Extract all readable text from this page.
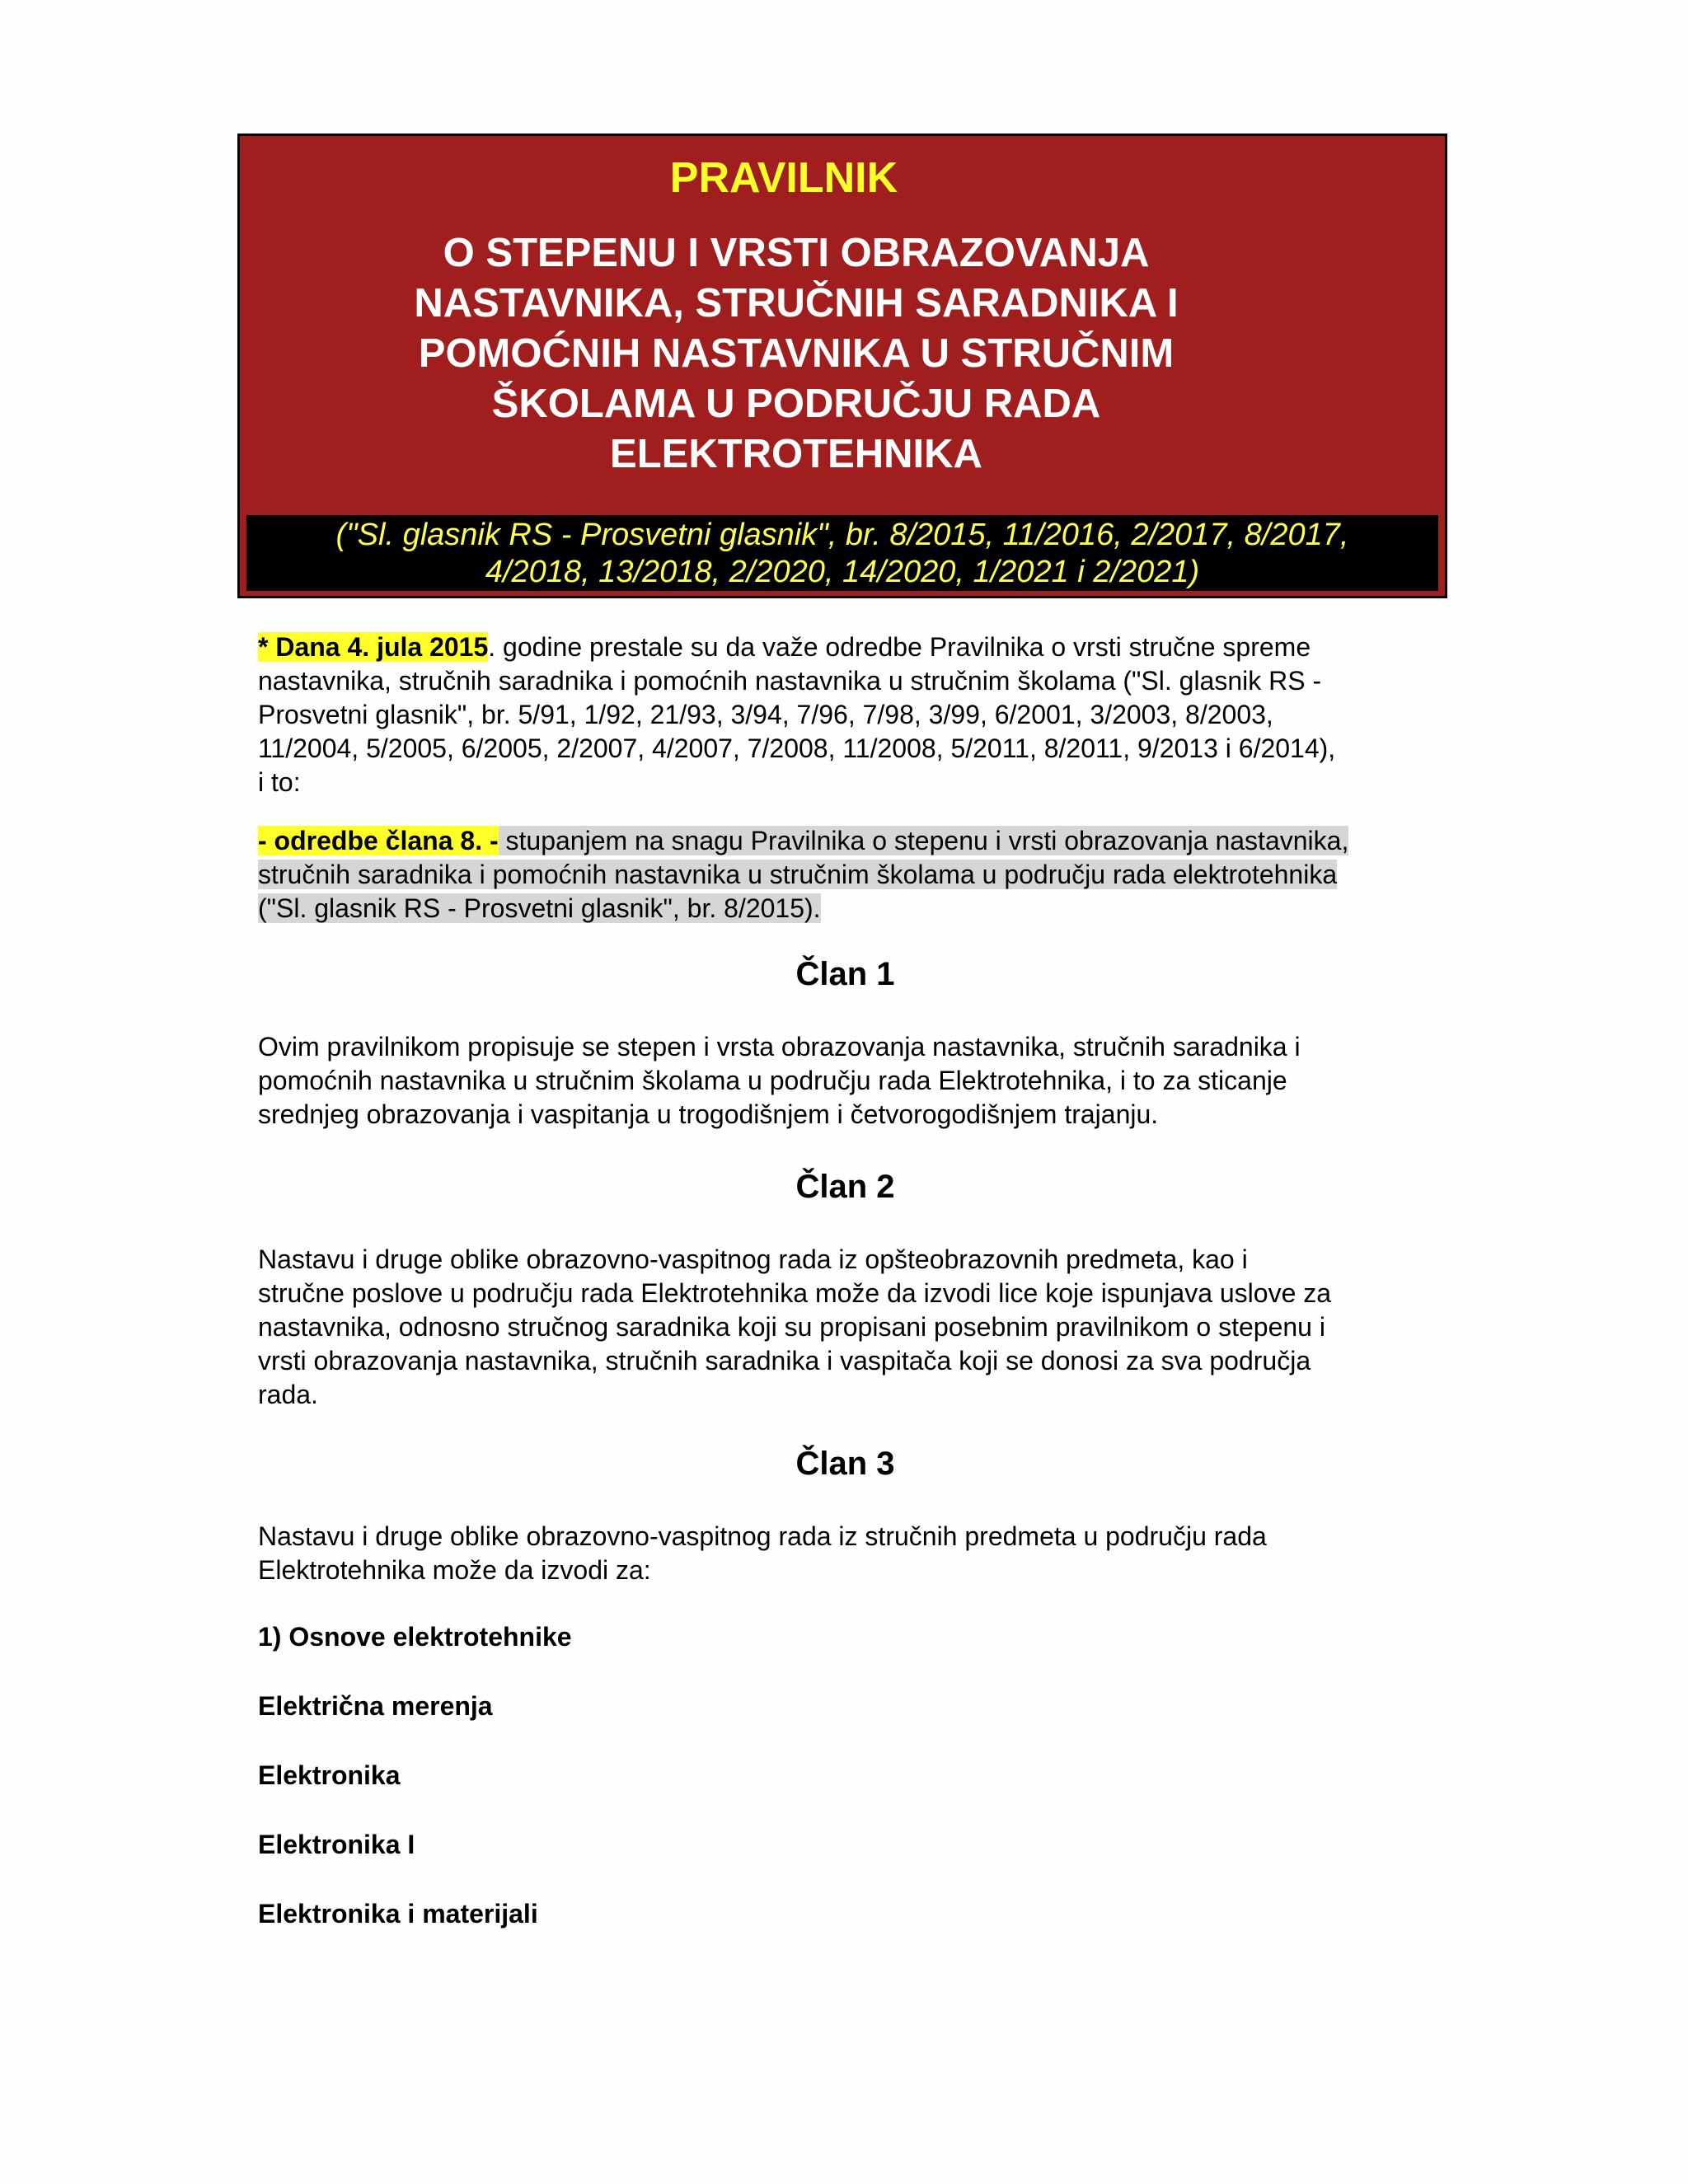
PRAVILNIK
O STEPENU I VRSTI OBRAZOVANJA
NASTAVNIKA, STRUČNIH SARADNIKA I
POMOĆNIH NASTAVNIKA U STRUČNIM
ŠKOLAMA U PODRUČJU RADA
ELEKTROTEHNIKA
("Sl. glasnik RS - Prosvetni glasnik", br. 8/2015, 11/2016, 2/2017, 8/2017,
4/2018, 13/2018, 2/2020, 14/2020, 1/2021 i 2/2021)

* Dana 4. jula 2015. godine prestale su da važe odredbe Pravilnika o vrsti stručne spreme
nastavnika, stručnih saradnika i pomoćnih nastavnika u stručnim školama ("Sl. glasnik RS -
Prosvetni glasnik", br. 5/91, 1/92, 21/93, 3/94, 7/96, 7/98, 3/99, 6/2001, 3/2003, 8/2003,
11/2004, 5/2005, 6/2005, 2/2007, 4/2007, 7/2008, 11/2008, 5/2011, 8/2011, 9/2013 i 6/2014),
i to:

- odredbe člana 8. - stupanjem na snagu Pravilnika o stepenu i vrsti obrazovanja nastavnika,
stručnih saradnika i pomoćnih nastavnika u stručnim školama u području rada elektrotehnika
("Sl. glasnik RS - Prosvetni glasnik", br. 8/2015).

Član 1

Ovim pravilnikom propisuje se stepen i vrsta obrazovanja nastavnika, stručnih saradnika i
pomoćnih nastavnika u stručnim školama u području rada Elektrotehnika, i to za sticanje
srednjeg obrazovanja i vaspitanja u trogodišnjem i četvorogodišnjem trajanju.

Član 2

Nastavu i druge oblike obrazovno-vaspitnog rada iz opšteobrazovnih predmeta, kao i
stručne poslove u području rada Elektrotehnika može da izvodi lice koje ispunjava uslove za
nastavnika, odnosno stručnog saradnika koji su propisani posebnim pravilnikom o stepenu i
vrsti obrazovanja nastavnika, stručnih saradnika i vaspitača koji se donosi za sva područja
rada.

Član 3

Nastavu i druge oblike obrazovno-vaspitnog rada iz stručnih predmeta u području rada
Elektrotehnika može da izvodi za:

1) Osnove elektrotehnike

Električna merenja

Elektronika

Elektronika I

Elektronika i materijali
